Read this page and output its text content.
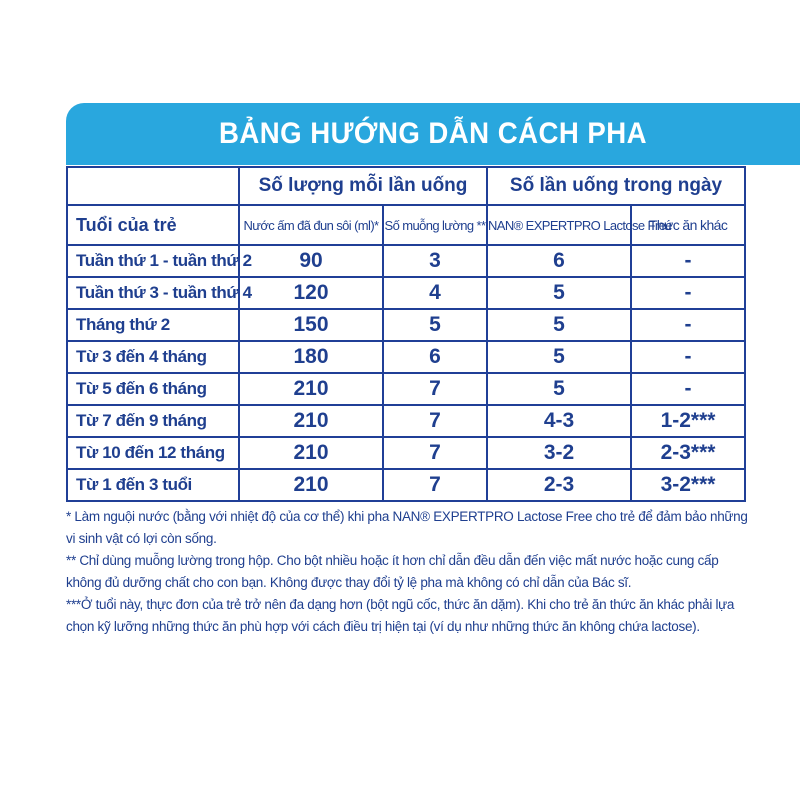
BẢNG HƯỚNG DẪN CÁCH PHA
	Số lượng mỗi lần uống		Số lần uống trong ngày	
Tuổi của trẻ	Nước ấm đã đun sôi (ml)*	Số muỗng lường **	NAN® EXPERTPRO Lactose Free	Thức ăn khác
Tuần thứ 1 - tuần thứ 2	90	3	6	-
Tuần thứ 3 - tuần thứ 4	120	4	5	-
Tháng thứ 2	150	5	5	-
Từ 3 đến 4 tháng	180	6	5	-
Từ 5 đến 6 tháng	210	7	5	-
Từ 7 đến 9 tháng	210	7	4-3	1-2***
Từ 10 đến 12 tháng	210	7	3-2	2-3***
Từ 1 đến 3 tuổi	210	7	2-3	3-2***

* Làm nguội nước (bằng với nhiệt độ của cơ thể) khi pha NAN® EXPERTPRO Lactose Free cho trẻ để đảm bảo những vi sinh vật có lợi còn sống.

** Chỉ dùng muỗng lường trong hộp. Cho bột nhiều hoặc ít hơn chỉ dẫn đều dẫn đến việc mất nước hoặc cung cấp không đủ dưỡng chất cho con bạn. Không được thay đổi tỷ lệ pha mà không có chỉ dẫn của Bác sĩ.

***Ở tuổi này, thực đơn của trẻ trở nên đa dạng hơn (bột ngũ cốc, thức ăn dặm). Khi cho trẻ ăn thức ăn khác phải lựa chọn kỹ lưỡng những thức ăn phù hợp với cách điều trị hiện tại (ví dụ như những thức ăn không chứa lactose).
